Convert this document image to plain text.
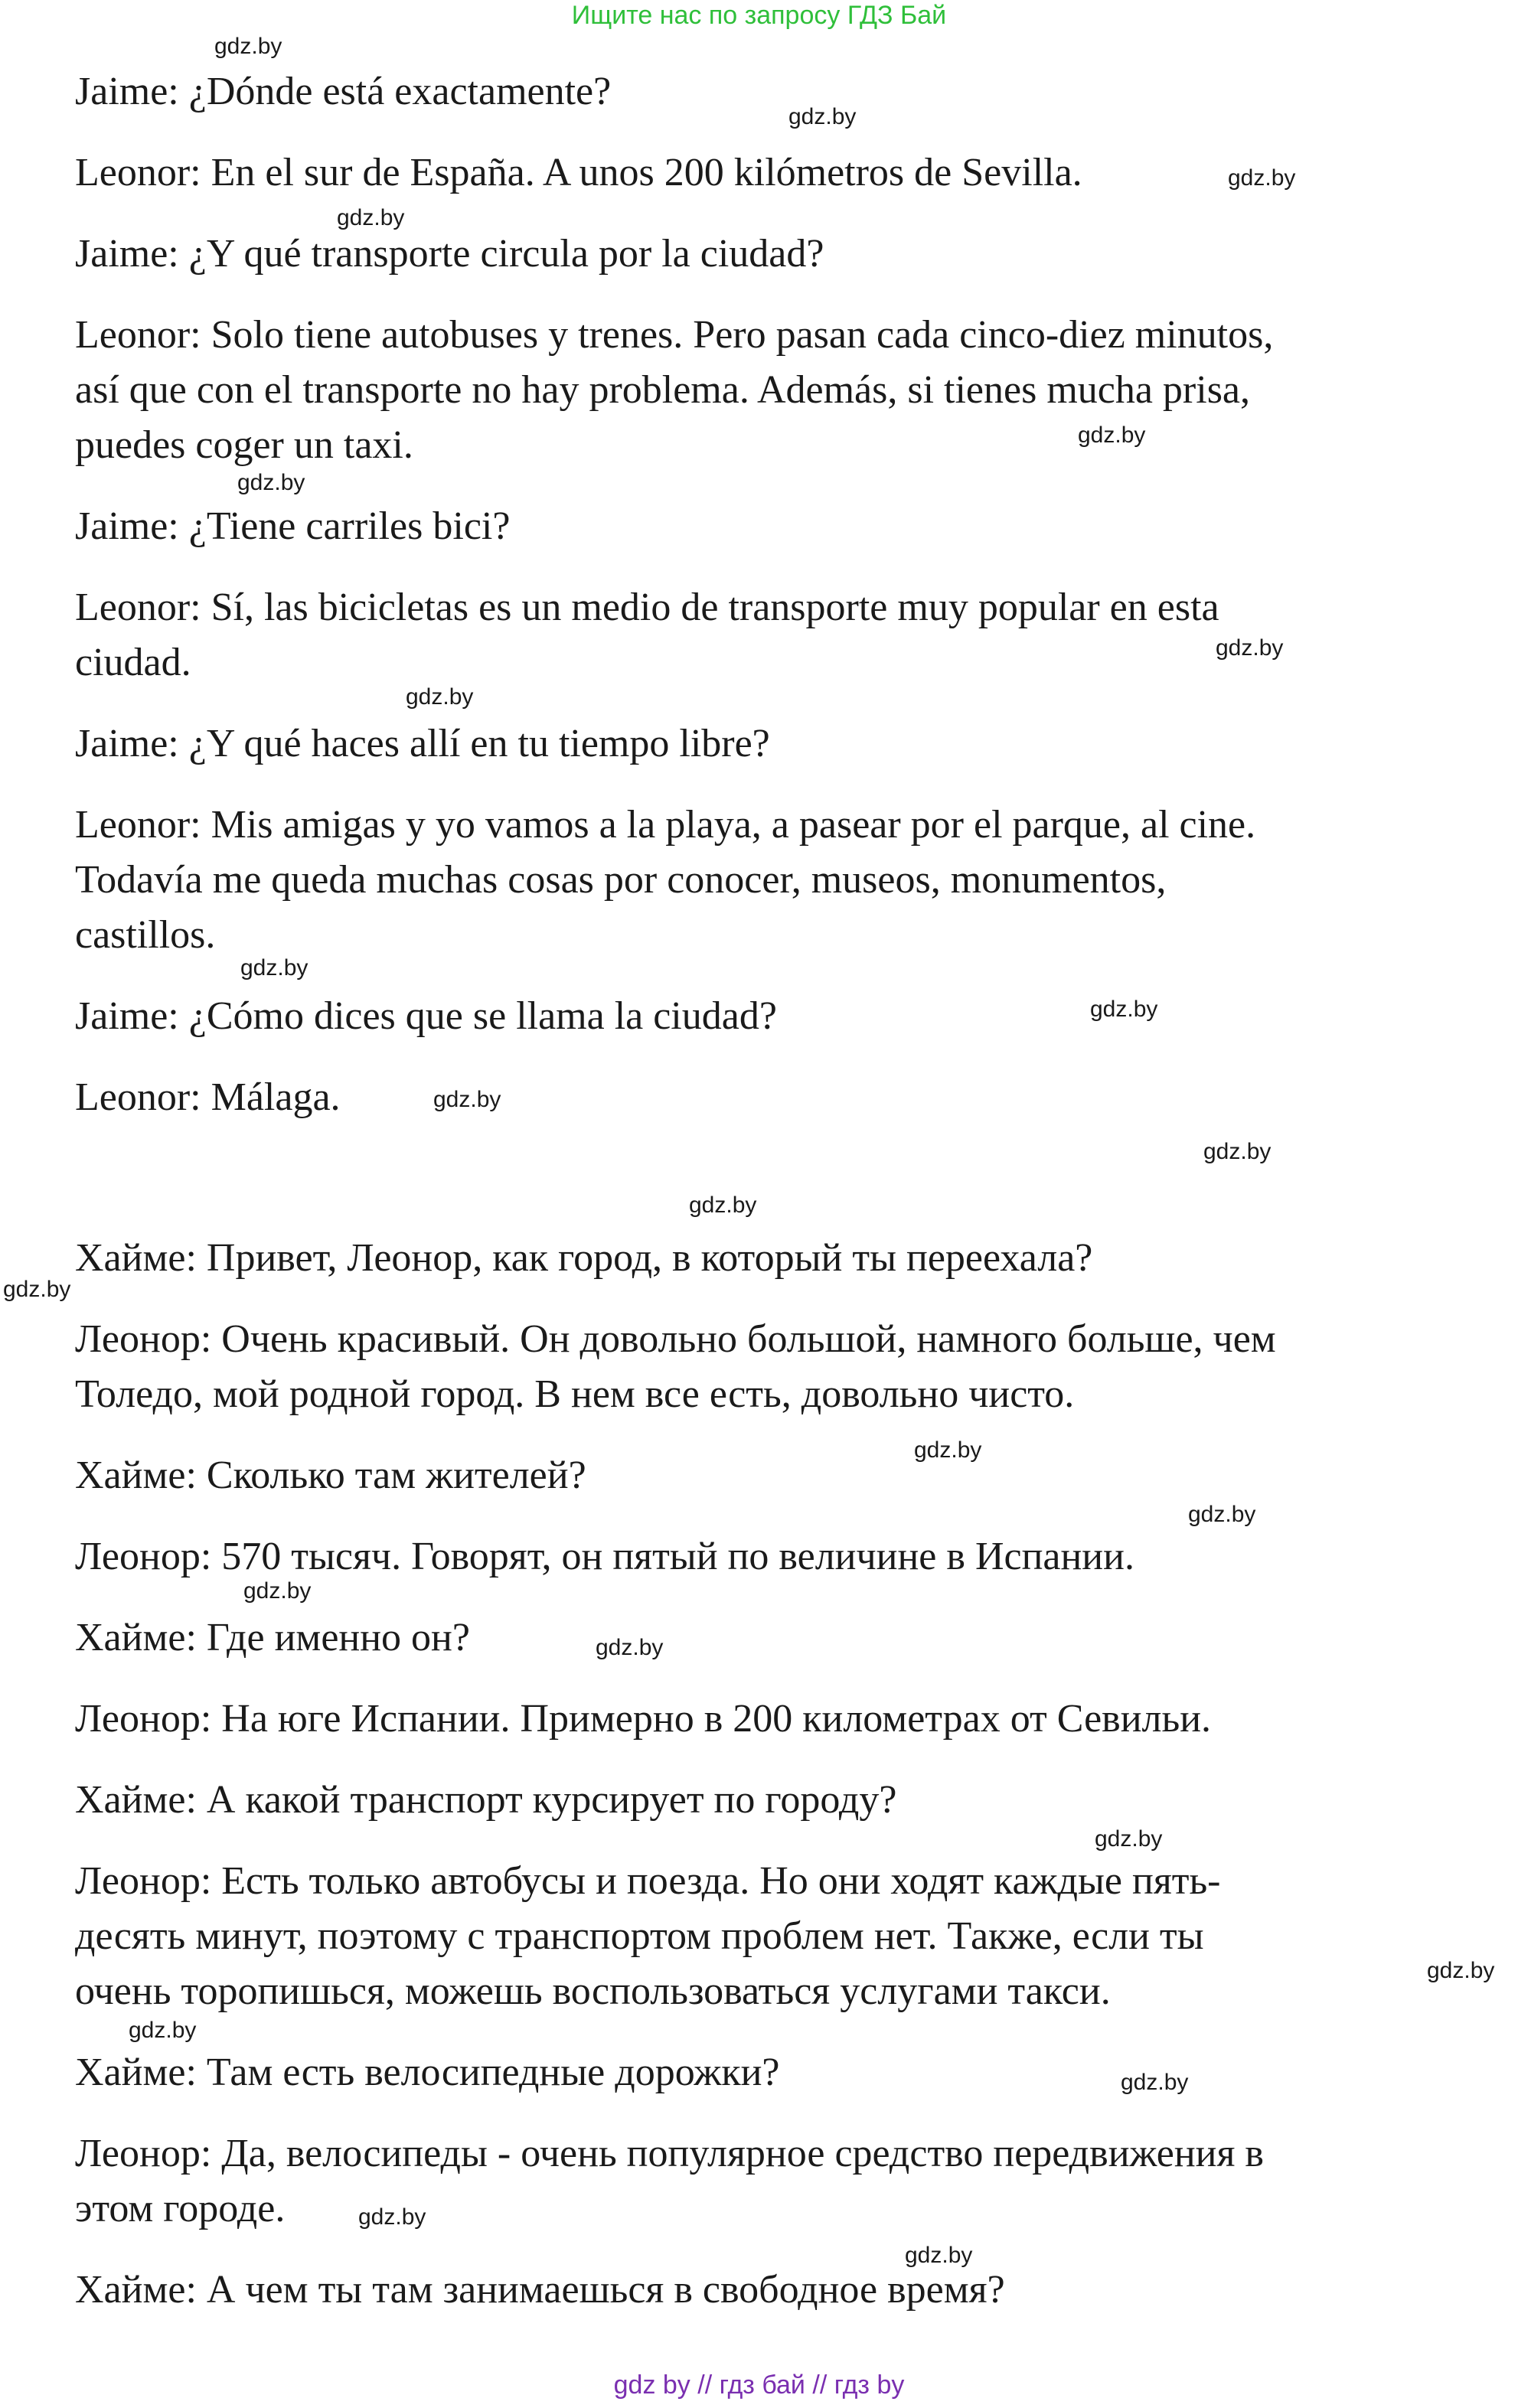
Ищите нас по запросу ГДЗ Бай
Jaime: ¿Dónde está exactamente?
Leonor: En el sur de España. A unos 200 kilómetros de Sevilla.
Jaime: ¿Y qué transporte circula por la ciudad?
Leonor: Solo tiene autobuses y trenes. Pero pasan cada cinco-diez minutos,
así que con el transporte no hay problema. Además, si tienes mucha prisa,
puedes coger un taxi.
Jaime: ¿Tiene carriles bici?
Leonor: Sí, las bicicletas es un medio de transporte muy popular en esta
ciudad.
Jaime: ¿Y qué haces allí en tu tiempo libre?
Leonor: Mis amigas y yo vamos a la playa, a pasear por el parque, al cine.
Todavía me queda muchas cosas por conocer, museos, monumentos,
castillos.
Jaime: ¿Cómo dices que se llama la ciudad?
Leonor: Málaga.
Хайме: Привет, Леонор, как город, в который ты переехала?
Леонор: Очень красивый. Он довольно большой, намного больше, чем
Толедо, мой родной город. В нем все есть, довольно чисто.
Хайме: Сколько там жителей?
Леонор: 570 тысяч. Говорят, он пятый по величине в Испании.
Хайме: Где именно он?
Леонор: На юге Испании. Примерно в 200 километрах от Севильи.
Хайме: А какой транспорт курсирует по городу?
Леонор: Есть только автобусы и поезда. Но они ходят каждые пять-
десять минут, поэтому с транспортом проблем нет. Также, если ты
очень торопишься, можешь воспользоваться услугами такси.
Хайме: Там есть велосипедные дорожки?
Леонор: Да, велосипеды - очень популярное средство передвижения в
этом городе.
Хайме: А чем ты там занимаешься в свободное время?
gdz.by
gdz.by
gdz.by
gdz.by
gdz.by
gdz.by
gdz.by
gdz.by
gdz.by
gdz.by
gdz.by
gdz.by
gdz.by
gdz.by
gdz.by
gdz.by
gdz.by
gdz.by
gdz.by
gdz.by
gdz.by
gdz.by
gdz.by
gdz.by
gdz by // гдз бай // гдз by
